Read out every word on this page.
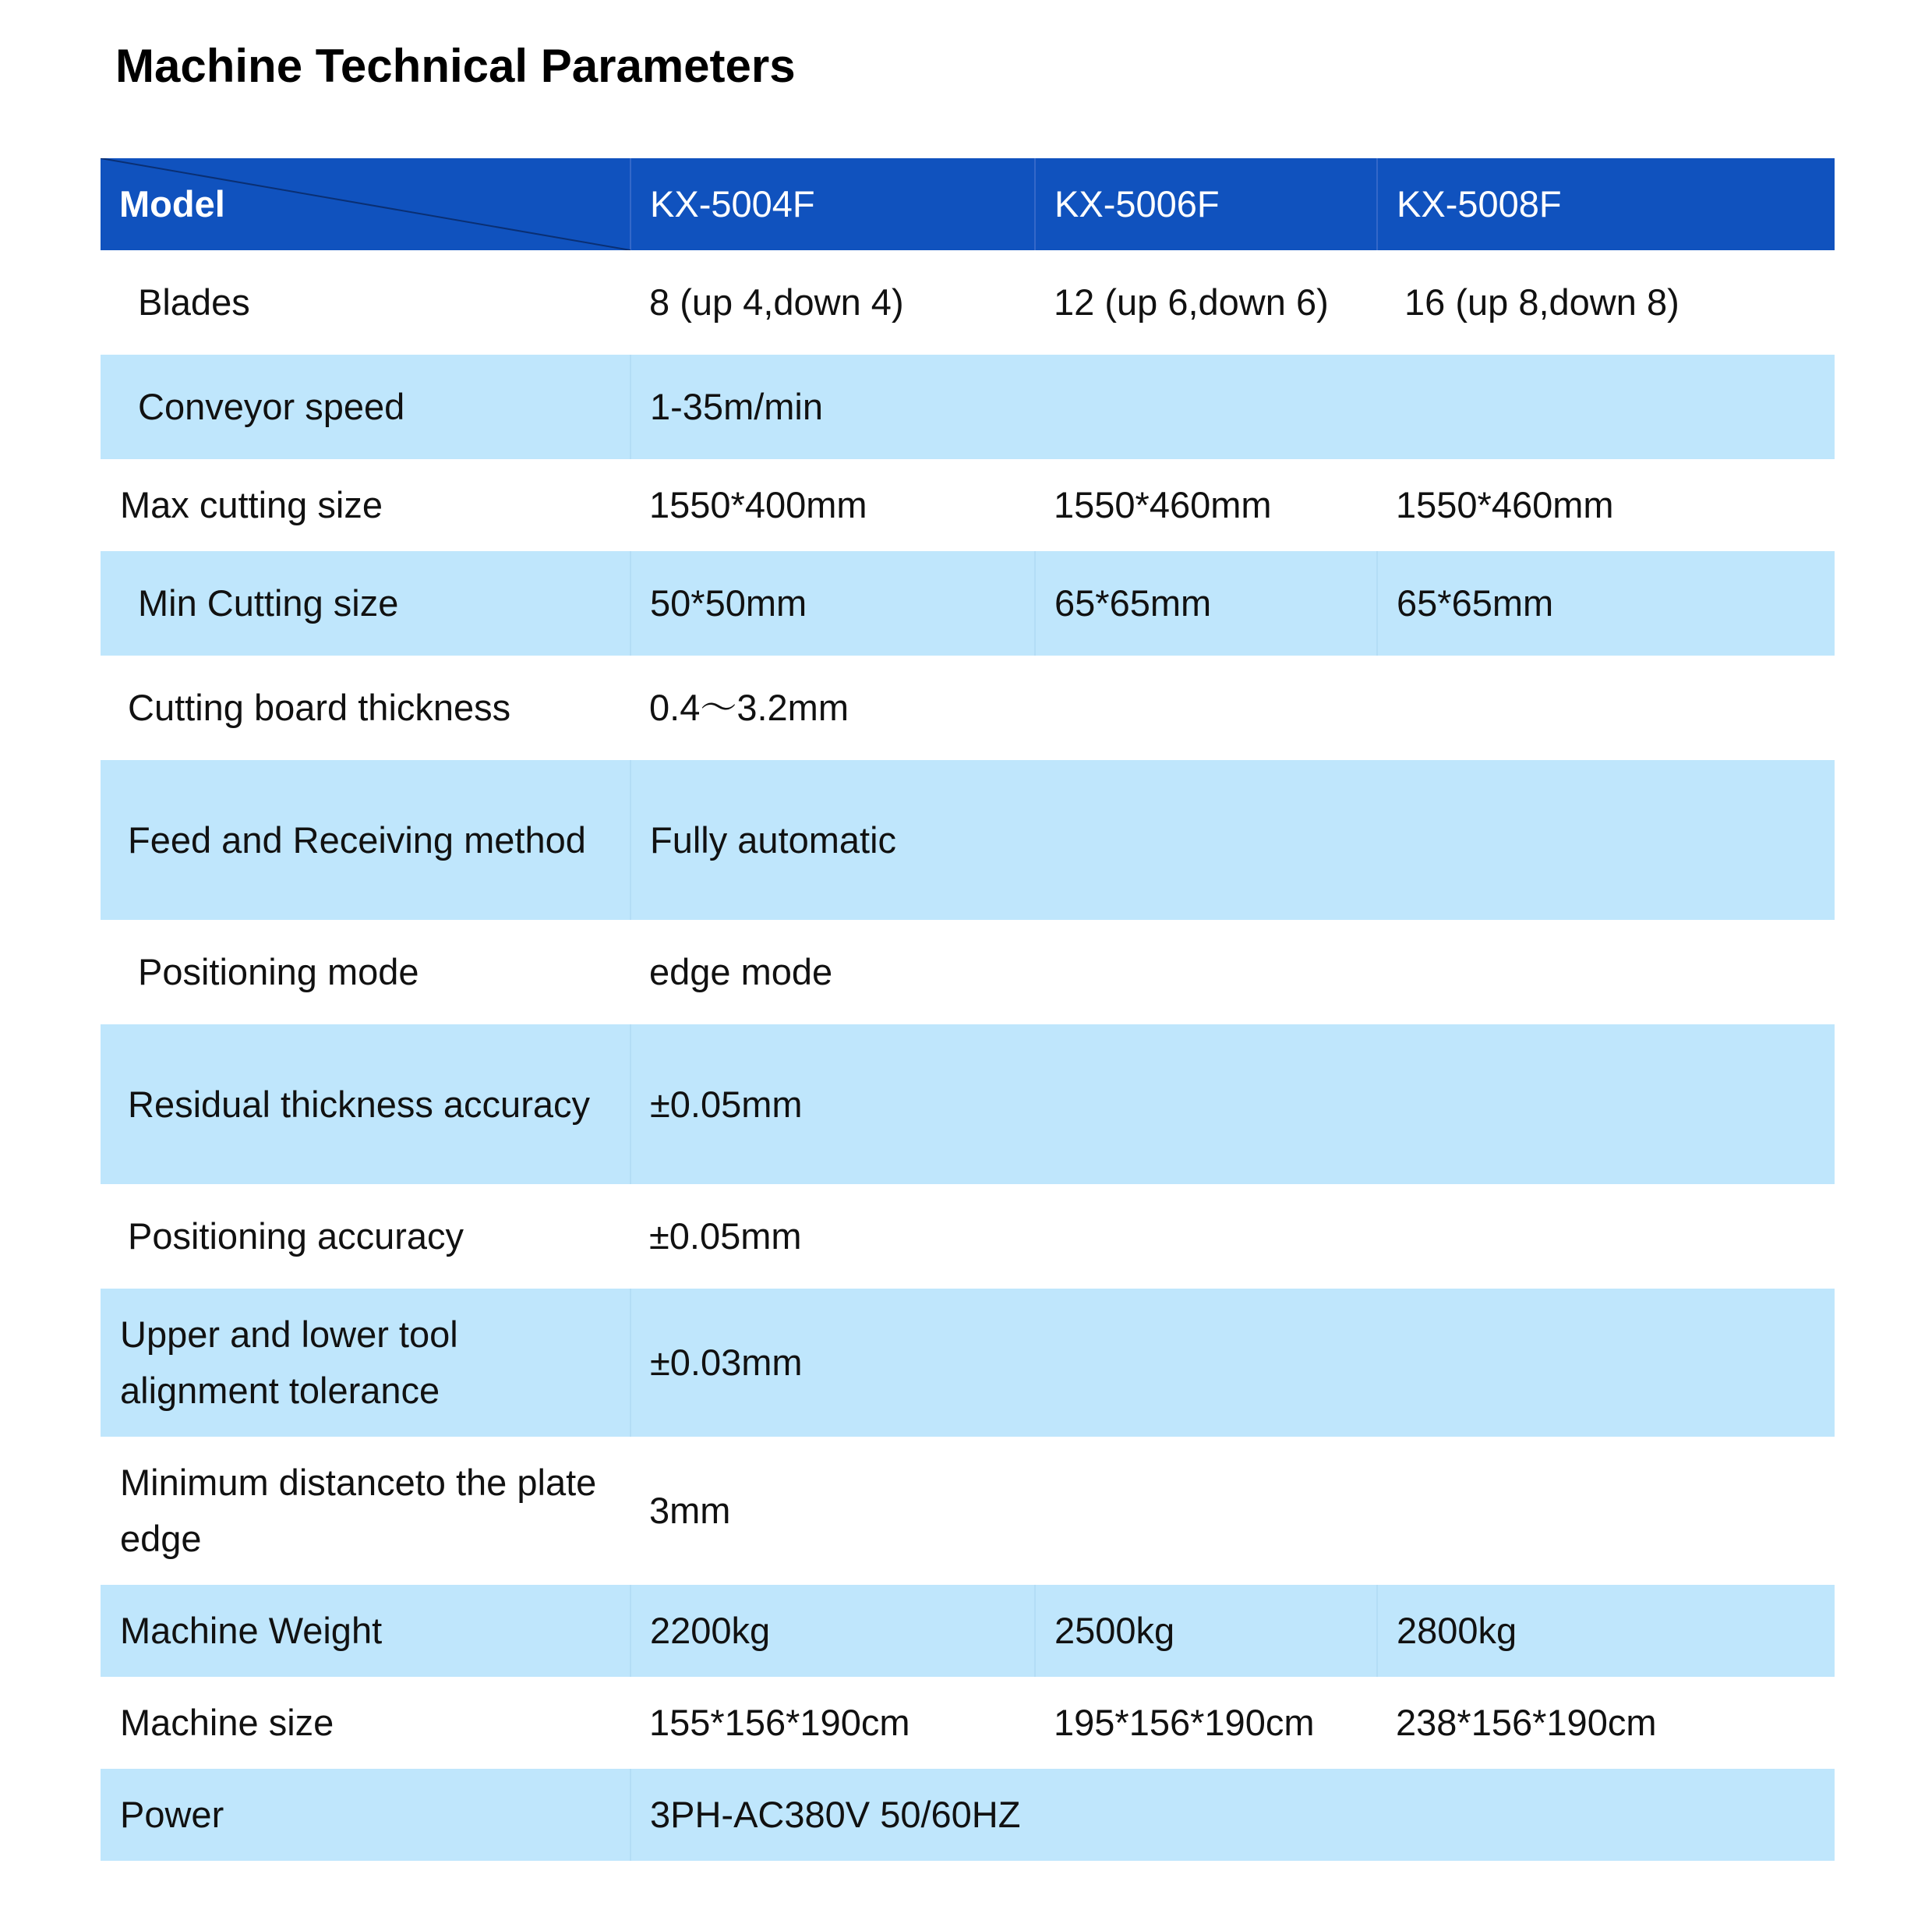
Machine Technical Parameters
Model	KX-5004F	KX-5006F	KX-5008F
Blades	8 (up 4,down 4)	12 (up 6,down 6)	16 (up 8,down 8)
Conveyor speed	1-35m/min		
Max cutting size	1550*400mm	1550*460mm	1550*460mm
Min Cutting size	50*50mm	65*65mm	65*65mm
Cutting board thickness	0.4～3.2mm		
Feed and Receiving method	Fully automatic		
Positioning mode	edge mode		
Residual thickness accuracy	±0.05mm		
Positioning accuracy	±0.05mm		
Upper and lower tool alignment tolerance	±0.03mm		
Minimum distanceto the plate edge	3mm		
Machine Weight	2200kg	2500kg	2800kg
Machine size	155*156*190cm	195*156*190cm	238*156*190cm
Power	3PH-AC380V 50/60HZ		
